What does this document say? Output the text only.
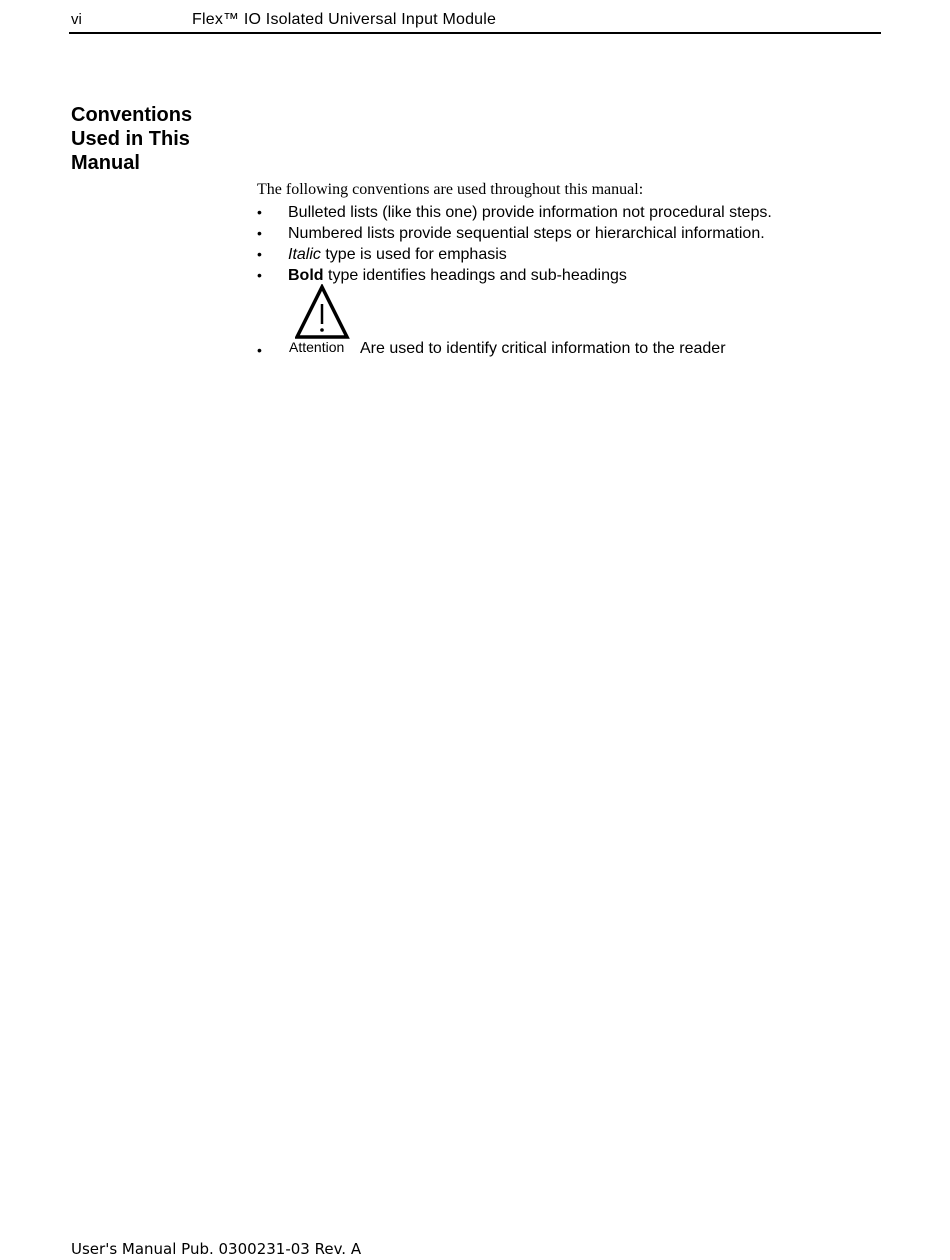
vi	Flex™ IO Isolated Universal Input Module
Conventions Used in This Manual
The following conventions are used throughout this manual:
• Bulleted lists (like this one) provide information not procedural steps.
• Numbered lists provide sequential steps or hierarchical information.
• Italic type is used for emphasis
• Bold type identifies headings and sub-headings
• Attention Are used to identify critical information to the reader
User's Manual Pub. 0300231-03 Rev. A
